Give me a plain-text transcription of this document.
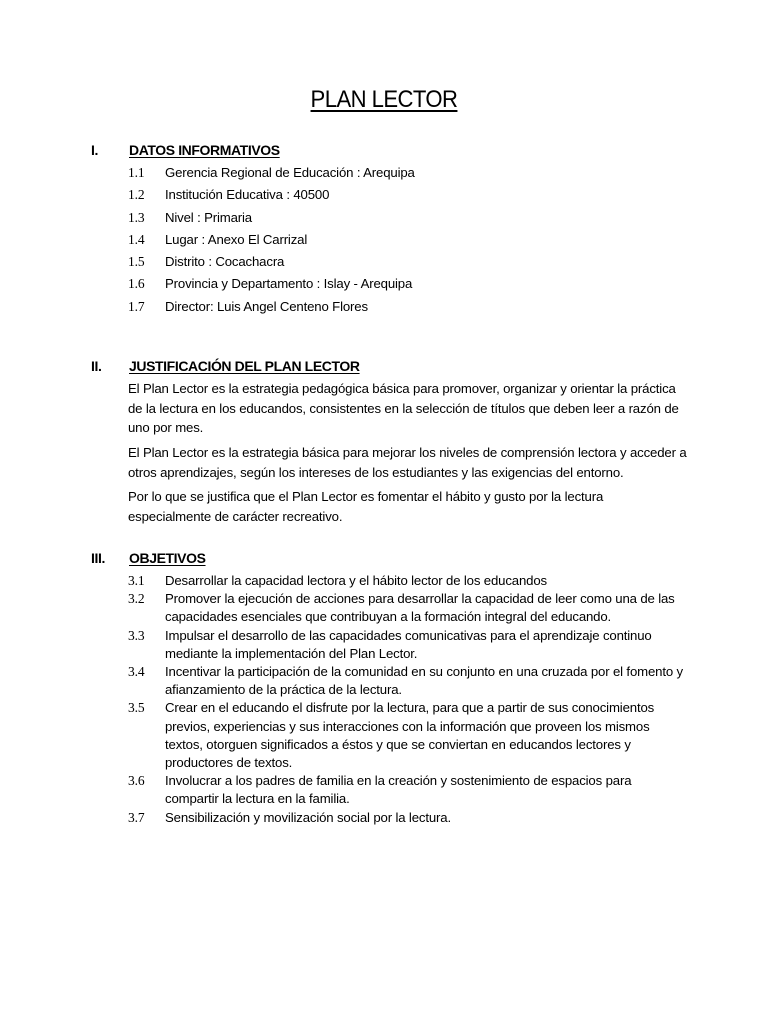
PLAN LECTOR
I. DATOS INFORMATIVOS
1.1	Gerencia Regional de Educación : Arequipa
1.2	Institución Educativa : 40500
1.3	Nivel : Primaria
1.4	Lugar : Anexo El Carrizal
1.5	Distrito : Cocachacra
1.6	Provincia y Departamento : Islay - Arequipa
1.7	Director: Luis Angel Centeno Flores
II. JUSTIFICACIÓN DEL PLAN LECTOR

El Plan Lector es la estrategia pedagógica básica para promover, organizar y orientar la práctica de la lectura en los educandos, consistentes en la selección de títulos que deben leer a razón de uno por mes.

El Plan Lector es la estrategia básica para mejorar los niveles de comprensión lectora y acceder a otros aprendizajes, según los intereses de los estudiantes y las exigencias del entorno.

Por lo que se justifica que el Plan Lector es fomentar el hábito y gusto por la lectura especialmente de carácter recreativo.

III. OBJETIVOS
3.1	Desarrollar la capacidad lectora y el hábito lector de los educandos
3.2	Promover la ejecución de acciones para desarrollar la capacidad de leer como una de las capacidades esenciales que contribuyan a la formación integral del educando.
3.3	Impulsar el desarrollo de las capacidades comunicativas para el aprendizaje continuo mediante la implementación del Plan Lector.
3.4	Incentivar la participación de la comunidad en su conjunto en una cruzada por el fomento y afianzamiento de la práctica de la lectura.
3.5	Crear en el educando el disfrute por la lectura, para que a partir de sus conocimientos previos, experiencias y sus interacciones con la información que proveen los mismos textos, otorguen significados a éstos y que se conviertan en educandos lectores y productores de textos.
3.6	Involucrar a los padres de familia en la creación y sostenimiento de espacios para compartir la lectura en la familia.
3.7	Sensibilización y movilización social por la lectura.
